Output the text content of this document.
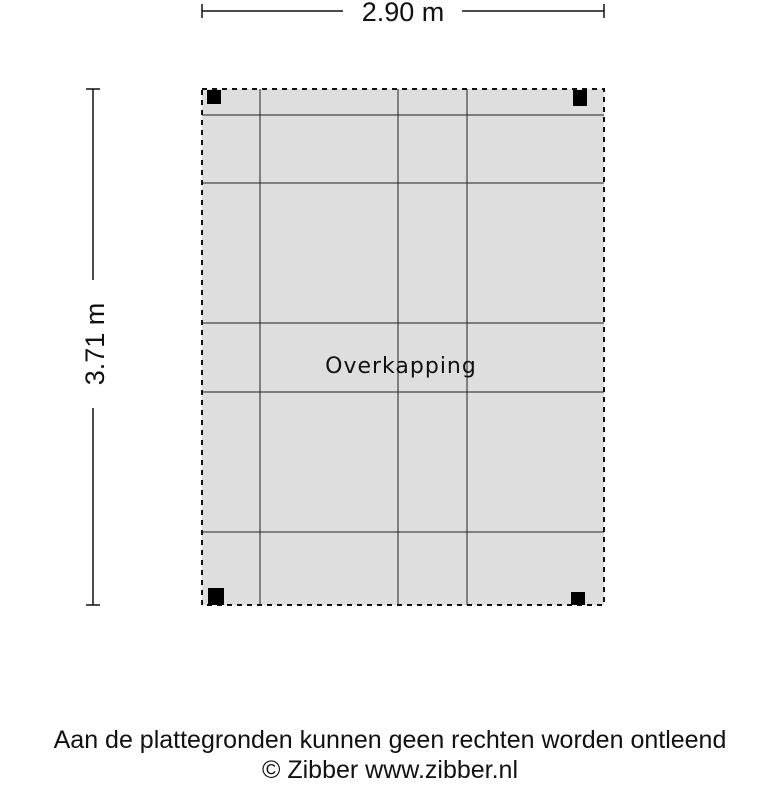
2.90 m
3.71 m	Overkapping
Aan de plattegronden kunnen geen rechten worden ontleend
© Zibber www.zibber.nl
